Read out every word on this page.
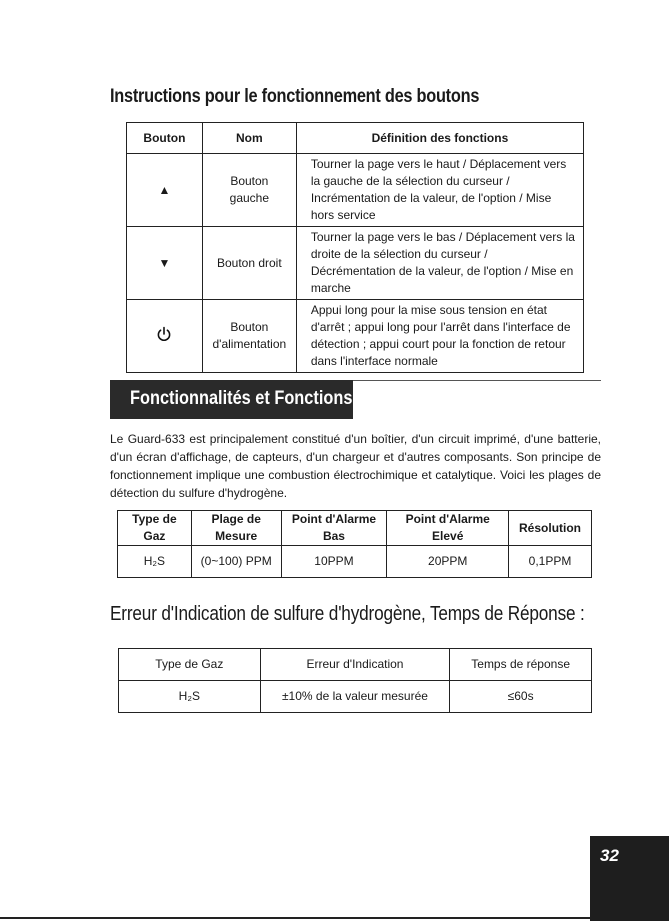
Instructions pour le fonctionnement des boutons
Bouton	Nom	Définition des fonctions
▲	Bouton gauche	Tourner la page vers le haut / Déplacement vers la gauche de la sélection du curseur / Incrémentation de la valeur, de l'option / Mise hors service
▼	Bouton droit	Tourner la page vers le bas / Déplacement vers la droite de la sélection du curseur / Décrémentation de la valeur, de l'option / Mise en marche
	Bouton d'alimentation	Appui long pour la mise sous tension en état d'arrêt ; appui long pour l'arrêt dans l'interface de détection ; appui court pour la fonction de retour dans l'interface normale
Fonctionnalités et Fonctions

Le Guard-633 est principalement constitué d'un boîtier, d'un circuit imprimé, d'une batterie, d'un écran d'affichage, de capteurs, d'un chargeur et d'autres composants. Son principe de fonctionnement implique une combustion électrochimique et catalytique. Voici les plages de détection du sulfure d'hydrogène.

Type de Gaz	Plage de Mesure	Point d'Alarme Bas	Point d'Alarme Elevé	Résolution
H₂S	(0~100) PPM	10PPM	20PPM	0,1PPM
Erreur d'Indication de sulfure d'hydrogène, Temps de Réponse :
Type de Gaz	Erreur d'Indication	Temps de réponse
H₂S	±10% de la valeur mesurée	≤60s
32
